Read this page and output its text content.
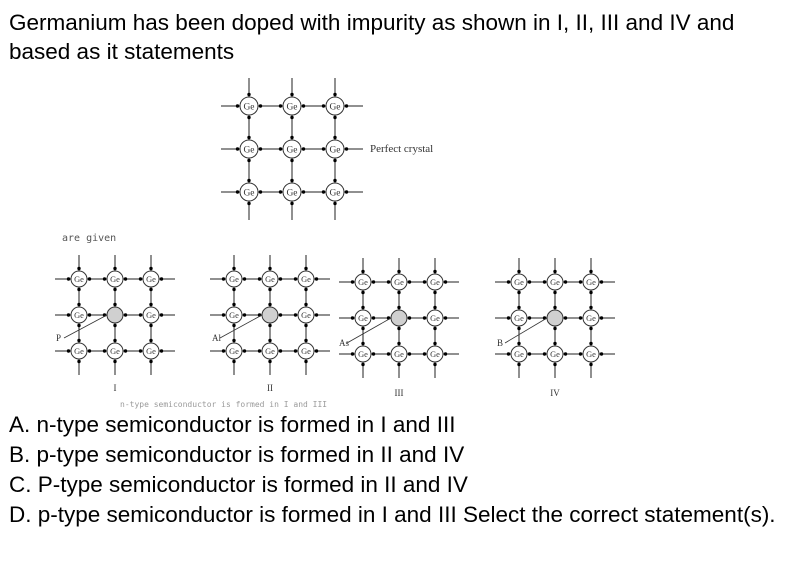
Germanium has been doped with impurity as shown in I, II, III and IV and based as it statements
Ge	Ge	Ge
Ge	Ge	Ge
Ge	Ge	Ge
Ge	Ge	Ge
Ge	Ge
Ge	Ge	Ge
P
I
Ge	Ge	Ge
Ge	Ge
Ge	Ge	Ge
Al
II
Ge	Ge	Ge
Ge	Ge
Ge	Ge	Ge
As
III
Ge	Ge	Ge
Ge	Ge
Ge	Ge	Ge
B
IV
Perfect crystal
are given
n-type semiconductor is formed in I and III
A. n-type semiconductor is formed in I and III
B. p-type semiconductor is formed in II and IV
C. P-type semiconductor is formed in II and IV
D. p-type semiconductor is formed in I and III Select the correct statement(s).
